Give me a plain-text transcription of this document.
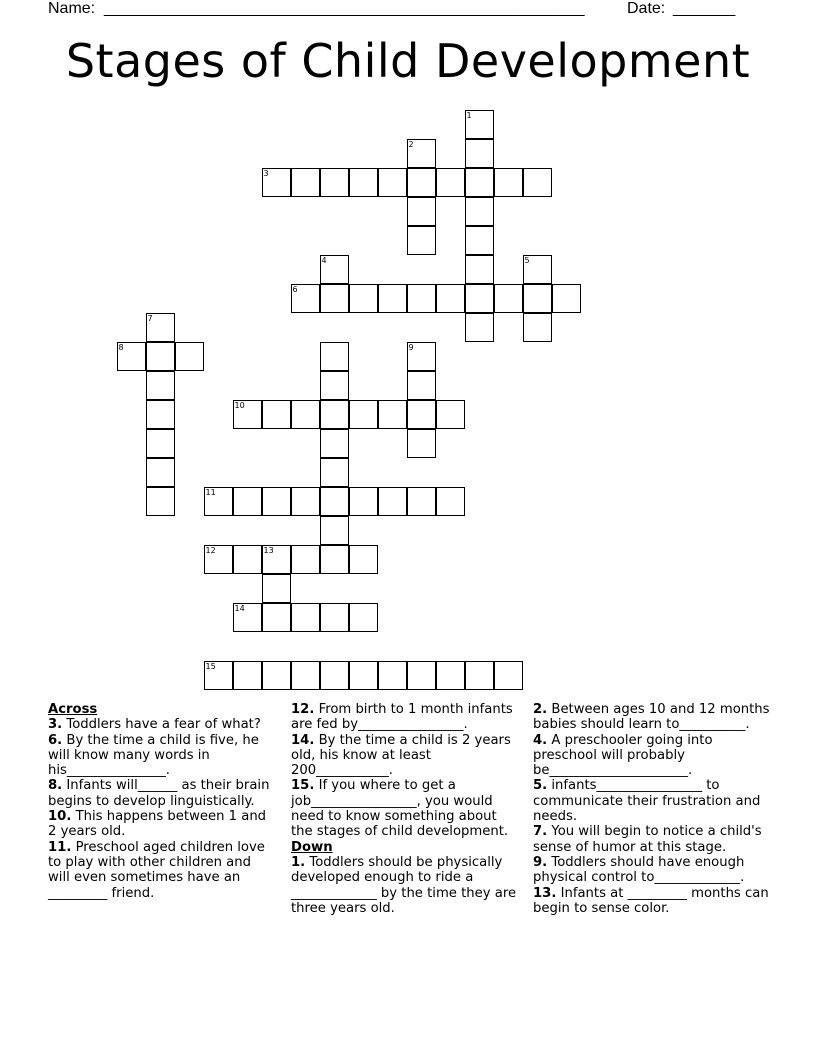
Name: ______________________________________________________	Date: _______
Stages of Child Development
1
2
3
4	5
6
7
8	9
10
11
12	13
14
15
Across

3. Toddlers have a fear of what?

6. By the time a child is five, he will know many words in his_______________.

8. Infants will______ as their brain begins to develop linguistically.

10. This happens between 1 and 2 years old.

11. Preschool aged children love to play with other children and will even sometimes have an _________ friend.

12. From birth to 1 month infants are fed by________________.

14. By the time a child is 2 years old, his know at least 200___________.

15. If you where to get a job________________, you would need to know something about the stages of child development.

Down

1. Toddlers should be physically developed enough to ride a _____________ by the time they are three years old.

2. Between ages 10 and 12 months babies should learn to__________.

4. A preschooler going into preschool will probably be_____________________.

5. infants________________ to communicate their frustration and needs.

7. You will begin to notice a child's sense of humor at this stage.

9. Toddlers should have enough physical control to_____________.

13. Infants at _________ months can begin to sense color.
